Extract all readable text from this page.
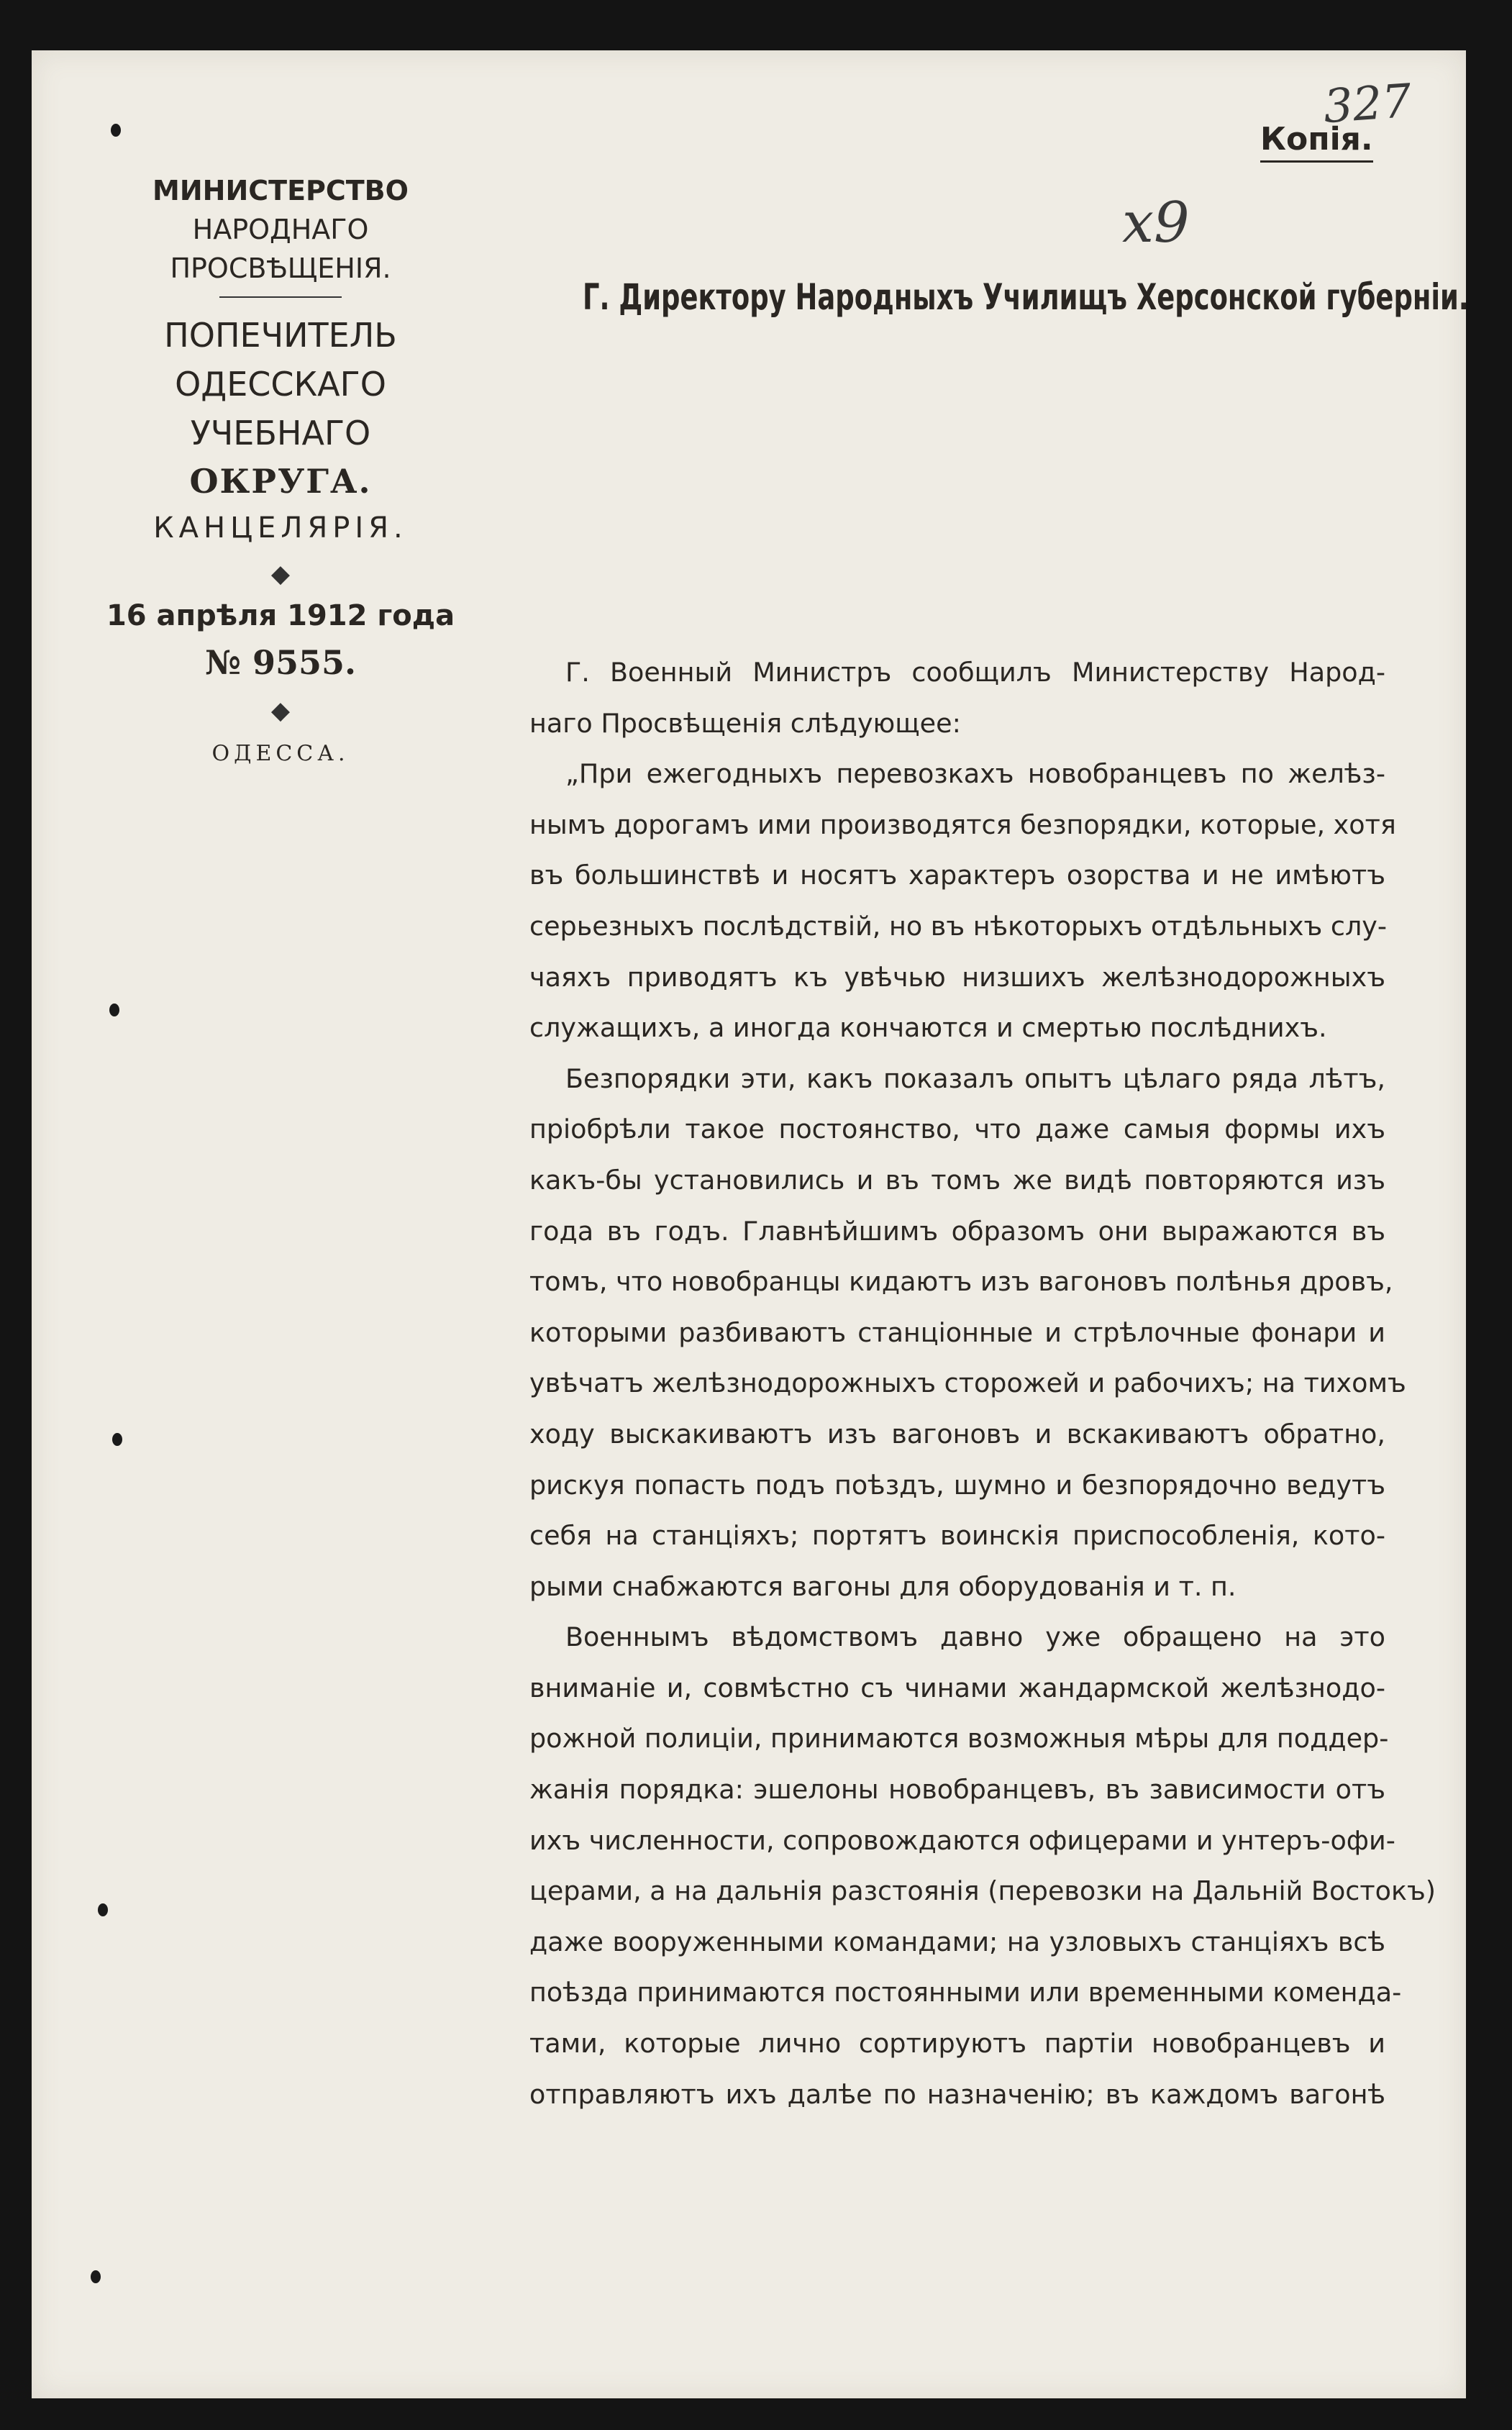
327
Копія.
x9
МИНИСТЕРСТВО
НАРОДНАГО ПРОСВѢЩЕНІЯ.
ПОПЕЧИТЕЛЬ
ОДЕССКАГО УЧЕБНАГО
ОКРУГА.
КАНЦЕЛЯРІЯ.
◆
16 апрѣля 1912 года
№ 9555.
◆
ОДЕССА.
Г. Директору Народныхъ Училищъ Херсонской губерніи.
Г. Военный Министръ сообщилъ Министерству Народ-
наго Просвѣщенія слѣдующее:
„При ежегодныхъ перевозкахъ новобранцевъ по желѣз-
нымъ дорогамъ ими производятся безпорядки, которые, хотя
въ большинствѣ и носятъ характеръ озорства и не имѣютъ
серьезныхъ послѣдствій, но въ нѣкоторыхъ отдѣльныхъ слу-
чаяхъ приводятъ къ увѣчью низшихъ желѣзнодорожныхъ
служащихъ, а иногда кончаются и смертью послѣднихъ.
Безпорядки эти, какъ показалъ опытъ цѣлаго ряда лѣтъ,
пріобрѣли такое постоянство, что даже самыя формы ихъ
какъ-бы установились и въ томъ же видѣ повторяются изъ
года въ годъ. Главнѣйшимъ образомъ они выражаются въ
томъ, что новобранцы кидаютъ изъ вагоновъ полѣнья дровъ,
которыми разбиваютъ станціонные и стрѣлочные фонари и
увѣчатъ желѣзнодорожныхъ сторожей и рабочихъ; на тихомъ
ходу выскакиваютъ изъ вагоновъ и вскакиваютъ обратно,
рискуя попасть подъ поѣздъ, шумно и безпорядочно ведутъ
себя на станціяхъ; портятъ воинскія приспособленія, кото-
рыми снабжаются вагоны для оборудованія и т. п.
Военнымъ вѣдомствомъ давно уже обращено на это
вниманіе и, совмѣстно съ чинами жандармской желѣзнодо-
рожной полиціи, принимаются возможныя мѣры для поддер-
жанія порядка: эшелоны новобранцевъ, въ зависимости отъ
ихъ численности, сопровождаются офицерами и унтеръ-офи-
церами, а на дальнія разстоянія (перевозки на Дальній Востокъ)
даже вооруженными командами; на узловыхъ станціяхъ всѣ
поѣзда принимаются постоянными или временными коменда-
тами, которые лично сортируютъ партіи новобранцевъ и
отправляютъ ихъ далѣе по назначенію; въ каждомъ вагонѣ
